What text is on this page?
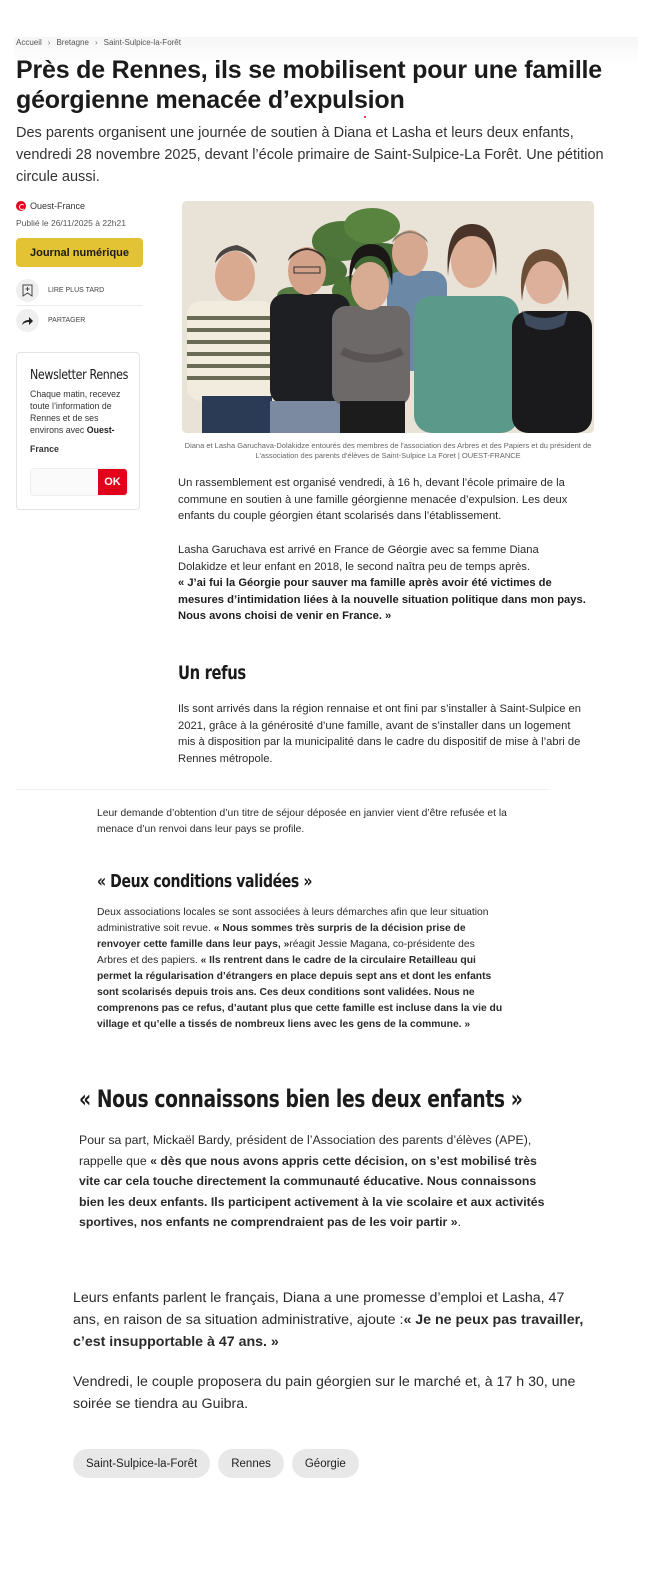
Accueil › Bretagne › Saint-Sulpice-la-Forêt
Près de Rennes, ils se mobilisent pour une famille géorgienne menacée d’expulsion

Des parents organisent une journée de soutien à Diana et Lasha et leurs deux enfants, vendredi 28 novembre 2025, devant l’école primaire de Saint-Sulpice-La Forêt. Une pétition circule aussi.

Ouest-France
Publié le 26/11/2025 à 22h21
Journal numérique
LIRE PLUS TARD
PARTAGER
Newsletter Rennes
Chaque matin, recevez toute l’information de Rennes et de ses environs avec Ouest-
France
OK
Diana et Lasha Garuchava-Dolakidze entourés des membres de l'association des Arbres et des Papiers et du président de L'association des parents d'élèves de Saint-Sulpice La Foret | OUEST-FRANCE

Un rassemblement est organisé vendredi, à 16 h, devant l’école primaire de la commune en soutien à une famille géorgienne menacée d’expulsion. Les deux enfants du couple géorgien étant scolarisés dans l’établissement.

Lasha Garuchava est arrivé en France de Géorgie avec sa femme Diana Dolakidze et leur enfant en 2018, le second naîtra peu de temps après.
« J’ai fui la Géorgie pour sauver ma famille après avoir été victimes de mesures d’intimidation liées à la nouvelle situation politique dans mon pays. Nous avons choisi de venir en France. »

Un refus

Ils sont arrivés dans la région rennaise et ont fini par s’installer à Saint-Sulpice en 2021, grâce à la générosité d’une famille, avant de s’installer dans un logement mis à disposition par la municipalité dans le cadre du dispositif de mise à l’abri de Rennes métropole.

Leur demande d’obtention d’un titre de séjour déposée en janvier vient d’être refusée et la menace d’un renvoi dans leur pays se profile.

« Deux conditions validées »

Deux associations locales se sont associées à leurs démarches afin que leur situation administrative soit revue. « Nous sommes très surpris de la décision prise de renvoyer cette famille dans leur pays, »réagit Jessie Magana, co-présidente des Arbres et des papiers. « Ils rentrent dans le cadre de la circulaire Retailleau qui permet la régularisation d’étrangers en place depuis sept ans et dont les enfants sont scolarisés depuis trois ans. Ces deux conditions sont validées. Nous ne comprenons pas ce refus, d’autant plus que cette famille est incluse dans la vie du village et qu’elle a tissés de nombreux liens avec les gens de la commune. »

« Nous connaissons bien les deux enfants »

Pour sa part, Mickaël Bardy, président de l’Association des parents d’élèves (APE), rappelle que « dès que nous avons appris cette décision, on s’est mobilisé très vite car cela touche directement la communauté éducative. Nous connaissons bien les deux enfants. Ils participent activement à la vie scolaire et aux activités sportives, nos enfants ne comprendraient pas de les voir partir ».

Leurs enfants parlent le français, Diana a une promesse d’emploi et Lasha, 47 ans, en raison de sa situation administrative, ajoute :« Je ne peux pas travailler, c’est insupportable à 47 ans. »

Vendredi, le couple proposera du pain géorgien sur le marché et, à 17 h 30, une soirée se tiendra au Guibra.

Saint-Sulpice-la-Forêt	Rennes	Géorgie
